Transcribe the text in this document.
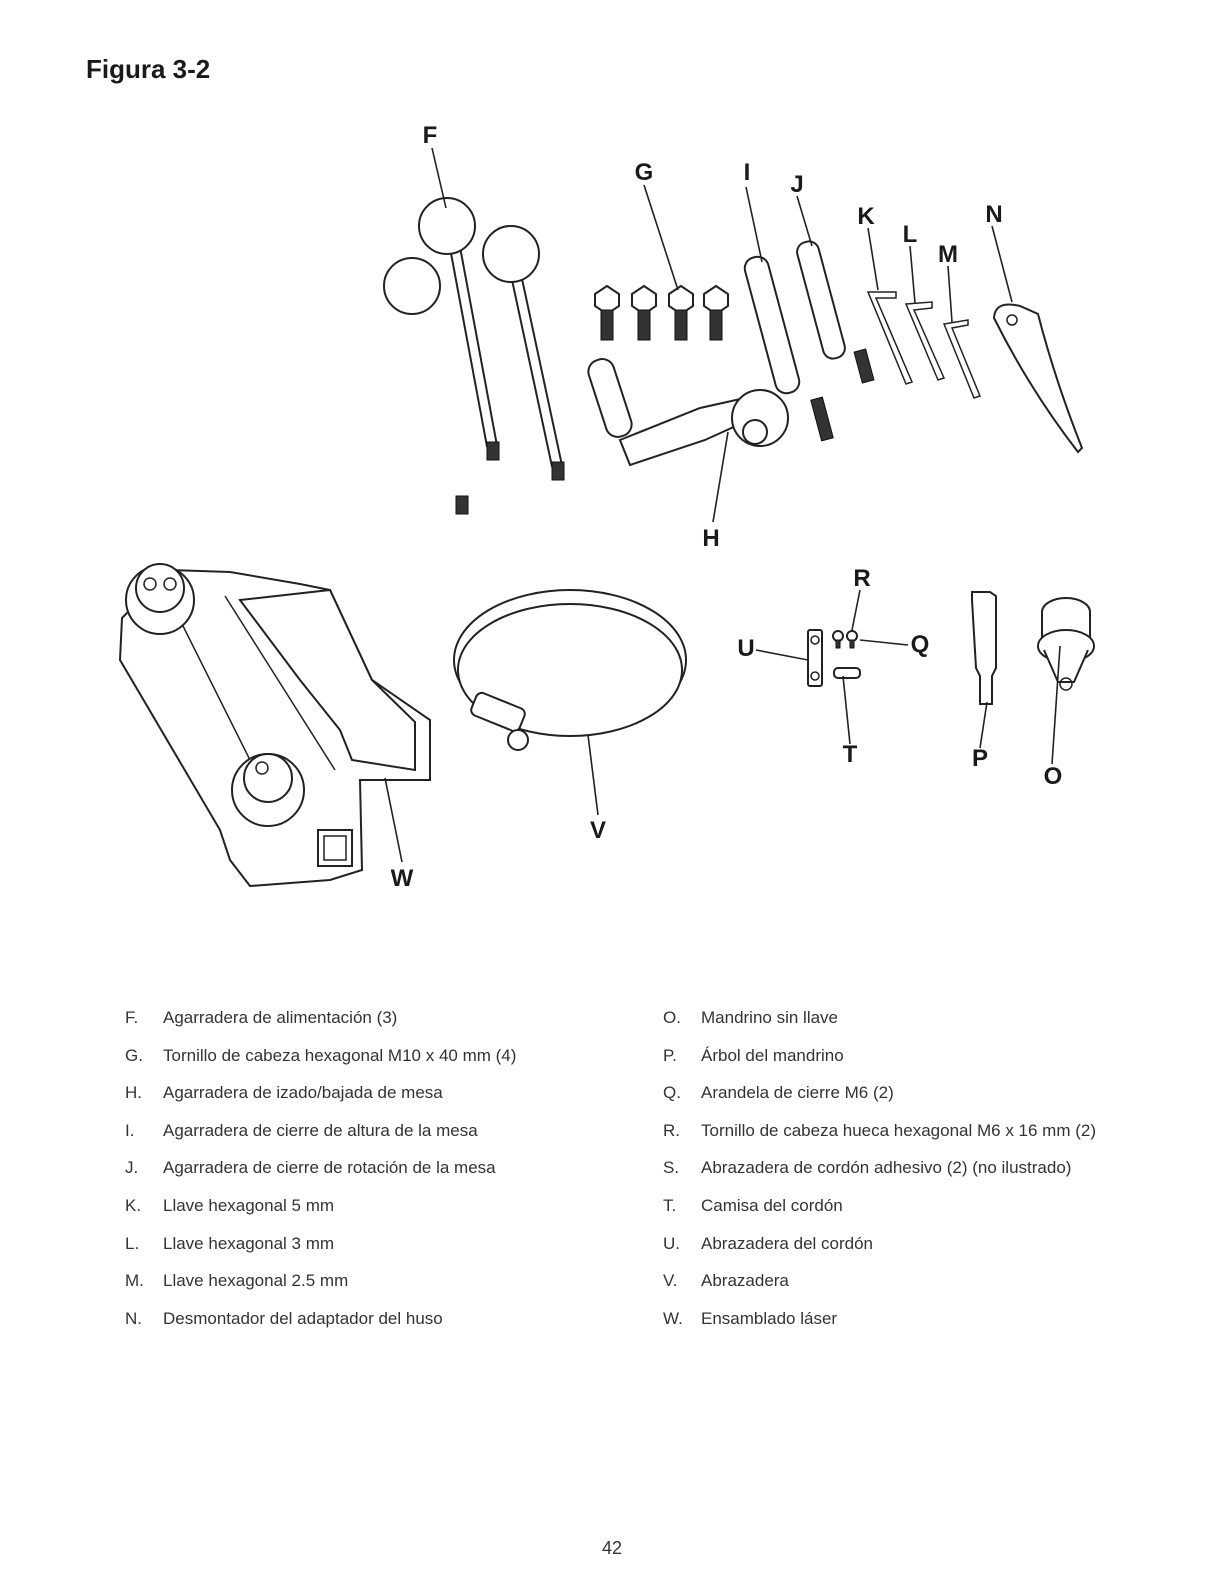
Figura 3-2
F
G	I J
K
L
M
N
H
R
U	Q
T	P
O
V
W
F.	Agarradera de alimentación (3)
G.	Tornillo de cabeza hexagonal M10 x 40 mm (4)
H.	Agarradera de izado/bajada de mesa
I.	Agarradera de cierre de altura de la mesa
J.	Agarradera de cierre de rotación de la mesa
K.	Llave hexagonal 5 mm
L.	Llave hexagonal 3 mm
M.	Llave hexagonal 2.5 mm
N.	Desmontador del adaptador del huso
O.	Mandrino sin llave
P.	Árbol del mandrino
Q.	Arandela de cierre M6 (2)
R.	Tornillo de cabeza hueca hexagonal M6 x 16 mm (2)
S.	Abrazadera de cordón adhesivo (2) (no ilustrado)
T.	Camisa del cordón
U.	Abrazadera del cordón
V.	Abrazadera
W.	Ensamblado láser
42
